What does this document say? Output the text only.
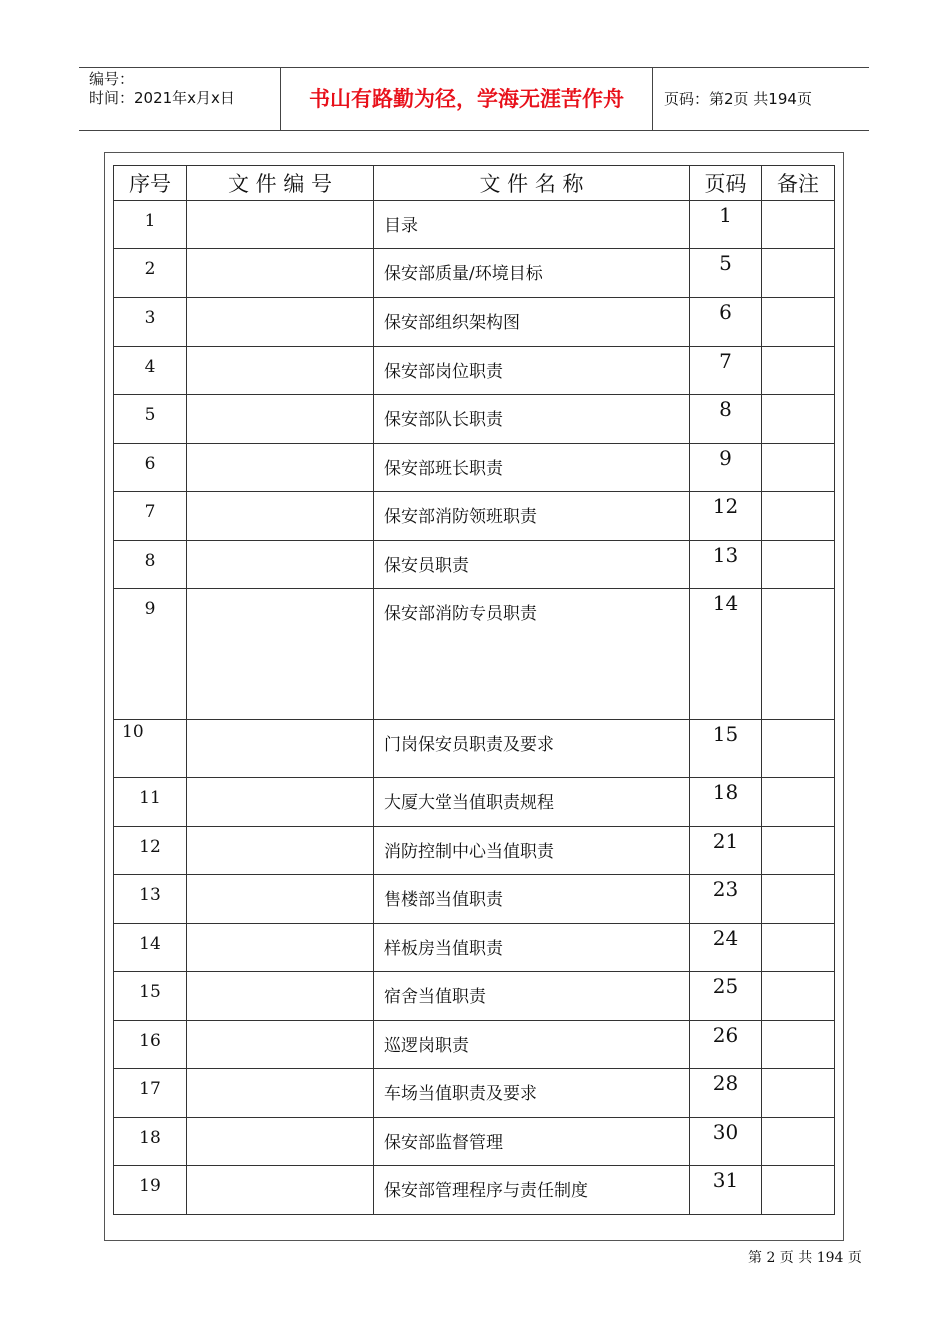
编号：
时间：2021年x月x日	书山有路勤为径，学海无涯苦作舟	页码：第2页 共194页
序号	文 件 编 号	文 件 名 称	页码	备注
1		目录	1	
2		保安部质量/环境目标	5	
3		保安部组织架构图	6	
4		保安部岗位职责	7	
5		保安部队长职责	8	
6		保安部班长职责	9	
7		保安部消防领班职责	12	
8		保安员职责	13	
9		保安部消防专员职责	14	
10		门岗保安员职责及要求	15	
11		大厦大堂当值职责规程	18	
12		消防控制中心当值职责	21	
13		售楼部当值职责	23	
14		样板房当值职责	24	
15		宿舍当值职责	25	
16		巡逻岗职责	26	
17		车场当值职责及要求	28	
18		保安部监督管理	30	
19		保安部管理程序与责任制度	31	
第 2 页 共 194 页
